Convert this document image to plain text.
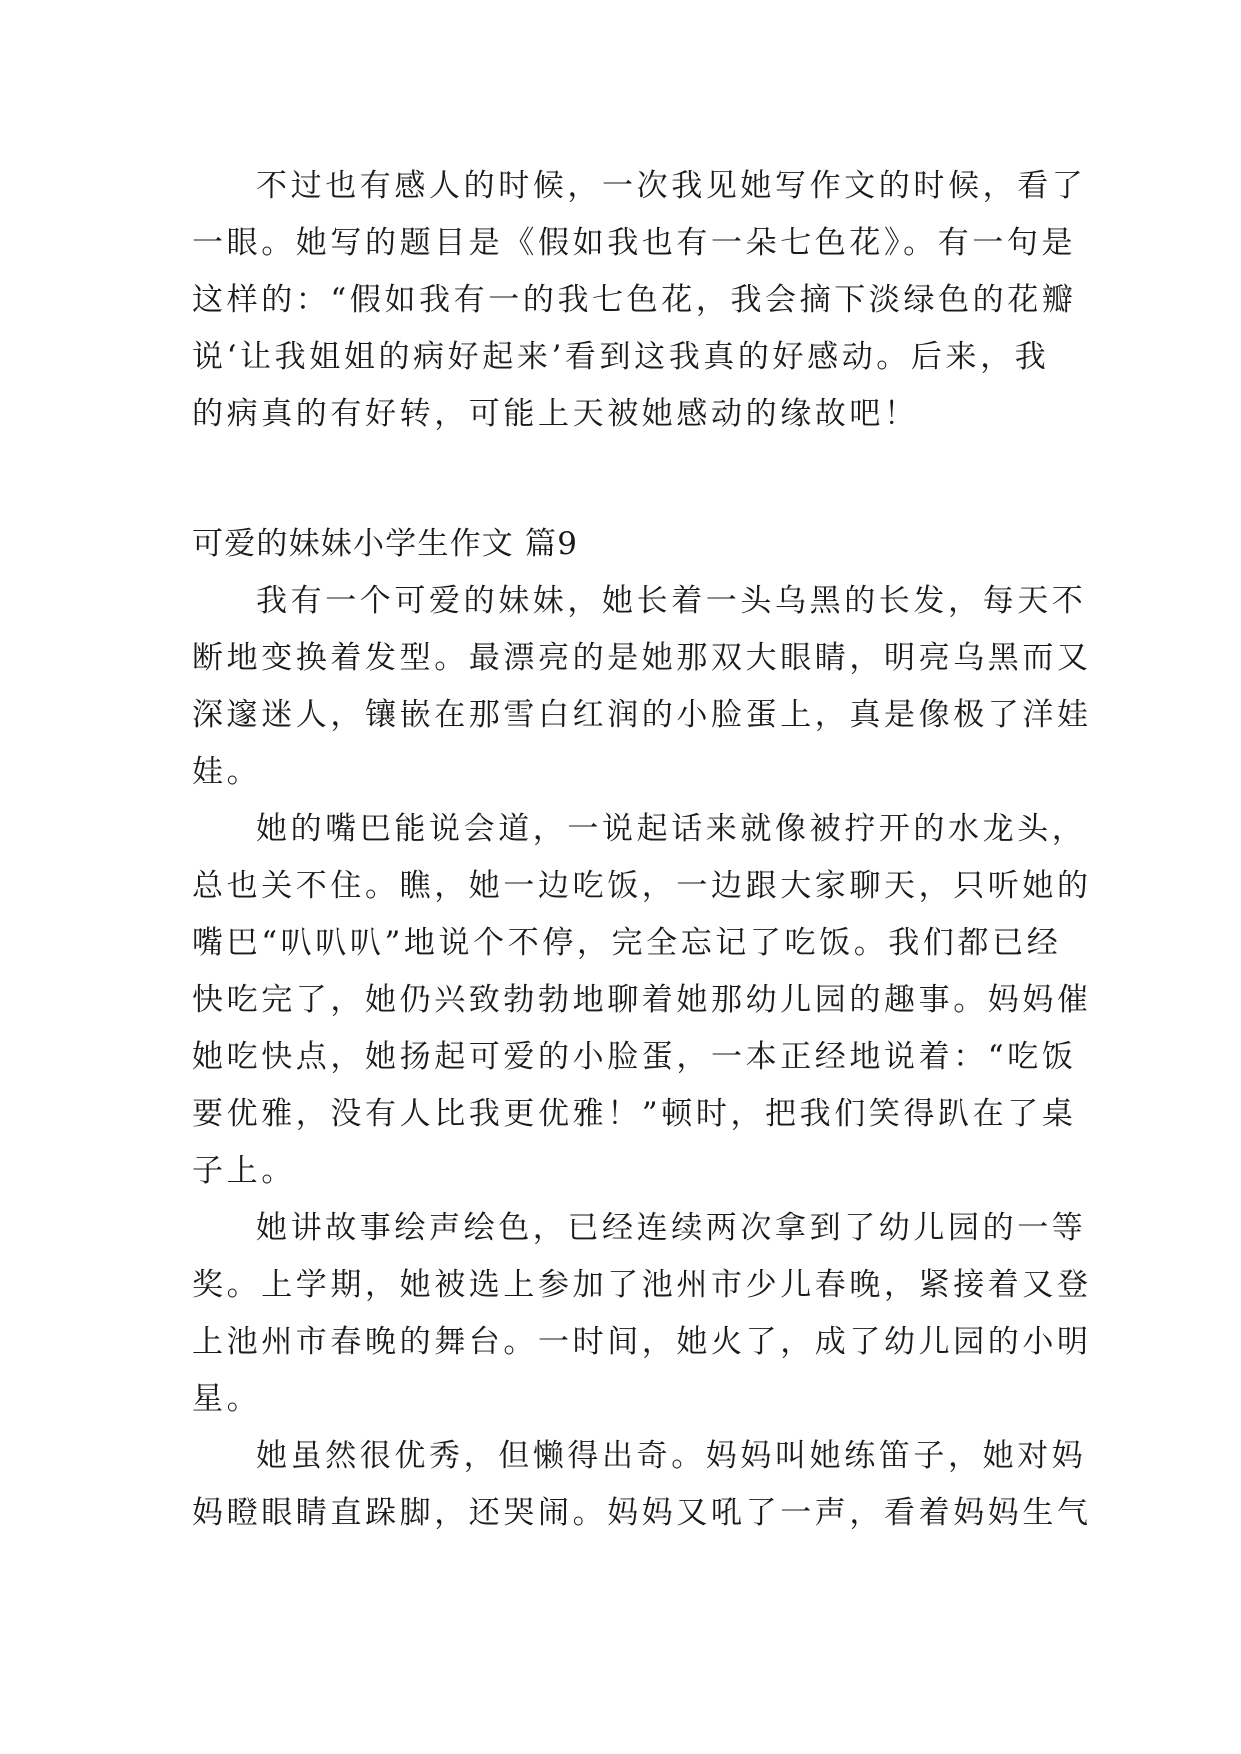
不过也有感人的时候，一次我见她写作文的时候，看了
一眼。她写的题目是《假如我也有一朵七色花》。有一句是
这样的：“假如我有一的我七色花，我会摘下淡绿色的花瓣
说‘让我姐姐的病好起来’看到这我真的好感动。后来，我
的病真的有好转，可能上天被她感动的缘故吧！
可爱的妹妹小学生作文 篇9
我有一个可爱的妹妹，她长着一头乌黑的长发，每天不
断地变换着发型。最漂亮的是她那双大眼睛，明亮乌黑而又
深邃迷人，镶嵌在那雪白红润的小脸蛋上，真是像极了洋娃
娃。
她的嘴巴能说会道，一说起话来就像被拧开的水龙头，
总也关不住。瞧，她一边吃饭，一边跟大家聊天，只听她的
嘴巴“叭叭叭”地说个不停，完全忘记了吃饭。我们都已经
快吃完了，她仍兴致勃勃地聊着她那幼儿园的趣事。妈妈催
她吃快点，她扬起可爱的小脸蛋，一本正经地说着：“吃饭
要优雅，没有人比我更优雅！”顿时，把我们笑得趴在了桌
子上。
她讲故事绘声绘色，已经连续两次拿到了幼儿园的一等
奖。上学期，她被选上参加了池州市少儿春晚，紧接着又登
上池州市春晚的舞台。一时间，她火了，成了幼儿园的小明
星。
她虽然很优秀，但懒得出奇。妈妈叫她练笛子，她对妈
妈瞪眼睛直跺脚，还哭闹。妈妈又吼了一声，看着妈妈生气
